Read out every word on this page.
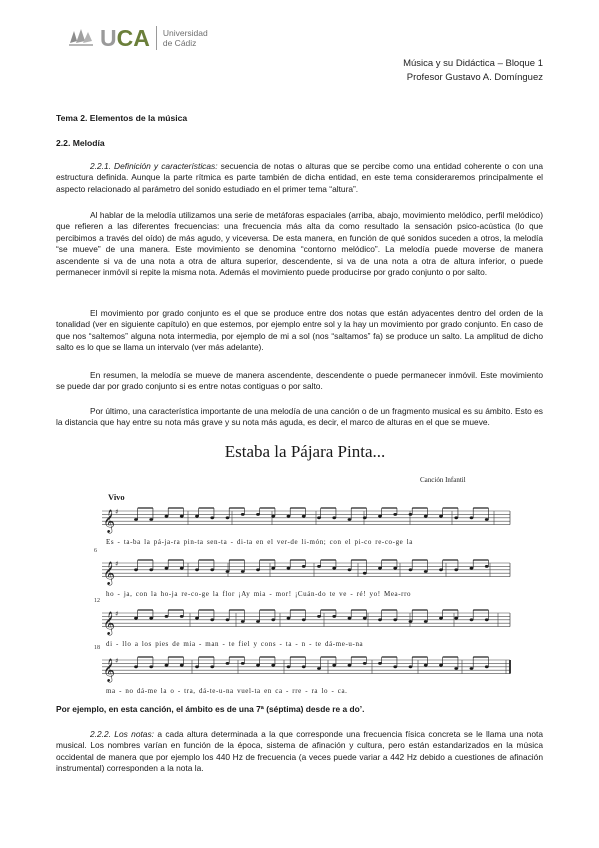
UCA Universidad
de Cádiz
Música y su Didáctica – Bloque 1
Profesor Gustavo A. Domínguez
Tema 2. Elementos de la música
2.2. Melodía
2.2.1. Definición y características: secuencia de notas o alturas que se percibe como una entidad coherente o con una estructura definida. Aunque la parte rítmica es parte también de dicha entidad, en este tema consideraremos principalmente el aspecto relacionado al parámetro del sonido estudiado en el primer tema “altura”.
Al hablar de la melodía utilizamos una serie de metáforas espaciales (arriba, abajo, movimiento melódico, perfil melódico) que refieren a las diferentes frecuencias: una frecuencia más alta da como resultado la sensación psico-acústica (lo que percibimos a través del oído) de más agudo, y viceversa. De esta manera, en función de qué sonidos suceden a otros, la melodía “se mueve” de una manera. Este movimiento se denomina “contorno melódico”. La melodía puede moverse de manera ascendente si va de una nota a otra de altura superior, descendente, si va de una nota a otra de altura inferior, o puede permanecer inmóvil si repite la misma nota. Además el movimiento puede producirse por grado conjunto o por salto.
El movimiento por grado conjunto es el que se produce entre dos notas que están adyacentes dentro del orden de la tonalidad (ver en siguiente capítulo) en que estemos, por ejemplo entre sol y la hay un movimiento por grado conjunto. En caso de que nos “saltemos” alguna nota intermedia, por ejemplo de mi a sol (nos “saltamos” fa) se produce un salto. La amplitud de dicho salto es lo que se llama un intervalo (ver más adelante).
En resumen, la melodía se mueve de manera ascendente, descendente o puede permanecer inmóvil. Este movimiento se puede dar por grado conjunto si es entre notas contiguas o por salto.
Por último, una característica importante de una melodía de una canción o de un fragmento musical es su ámbito. Esto es la distancia que hay entre su nota más grave y su nota más aguda, es decir, el marco de alturas en el que se mueve.
Estaba la Pájara Pinta...
Canción Infantil
Vivo
𝄞 ♯
Es - ta-ba la pá-ja-ra pin-ta sen-ta - di-ta en el ver-de li-món; con el pi-co re-co-ge la
6
𝄞 ♯
ho - ja, con la ho-ja re-co-ge la flor ¡Ay mia - mor! ¡Cuán-do te ve - ré! yo! Mea-rro
12
𝄞 ♯
di - llo a los pies de mia - man - te fiel y cons - ta - n - te dá-me-u-na
18
𝄞 ♯
ma - no dá-me la o - tra, dá-te-u-na vuel-ta en ca - rre - ra lo - ca.
Por ejemplo, en esta canción, el ámbito es de una 7ª (séptima) desde re a do’.
2.2.2. Los notas: a cada altura determinada a la que corresponde una frecuencia física concreta se le llama una nota musical. Los nombres varían en función de la época, sistema de afinación y cultura, pero están estandarizados en la música occidental de manera que por ejemplo los 440 Hz de frecuencia (a veces puede variar a 442 Hz debido a cuestiones de afinación instrumental) corresponden a la nota la.
